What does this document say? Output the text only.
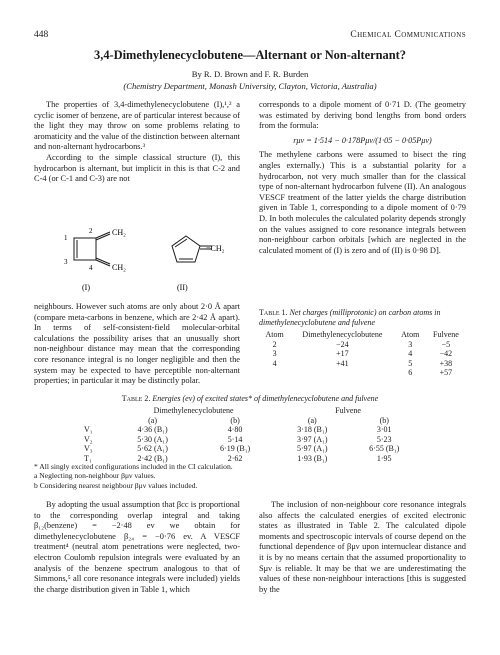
448	Chemical Communications
3,4-Dimethylenecyclobutene—Alternant or Non-alternant?
By R. D. Brown and F. R. Burden
(Chemistry Department, Monash University, Clayton, Victoria, Australia)

The properties of 3,4-dimethylenecyclobutene (I),¹,² a cyclic isomer of benzene, are of particular interest because of the light they may throw on some problems relating to aromaticity and the value of the distinction between alternant and non-alternant hydrocarbons.³

According to the simple classical structure (I), this hydrocarbon is alternant, but implicit in this is that C-2 and C-4 (or C-1 and C-3) are not

CH₂
CH₂
1
2
3
4
(I)
=CH₂
(II)

neighbours. However such atoms are only about 2·0 Å apart (compare meta-carbons in benzene, which are 2·42 Å apart). In terms of self-consistent-field molecular-orbital calculations the possibility arises that an unusually short non-neighbour distance may mean that the corresponding core resonance integral is no longer negligible and then the system may be expected to have perceptible non-alternant properties; in particular it may be distinctly polar.

corresponds to a dipole moment of 0·71 D. (The geometry was estimated by deriving bond lengths from bond orders from the formula:

rμν = 1·514 − 0·178Pμν/(1·05 − 0·05Pμν)

The methylene carbons were assumed to bisect the ring angles externally.) This is a substantial polarity for a hydrocarbon, not very much smaller than for the classical type of non-alternant hydrocarbon fulvene (II). An analogous VESCF treatment of the latter yields the charge distribution given in Table 1, corresponding to a dipole moment of 0·79 D. In both molecules the calculated polarity depends strongly on the values assigned to core resonance integrals between non-neighbour carbon orbitals [which are neglected in the calculated moment of (I) is zero and of (II) is 0·98 D].

Table 1. Net charges (milliprotonic) on carbon atoms in dimethylenecyclobutene and fulvene
Atom	Dimethylenecyclobutene	Atom	Fulvene
2	−24	3	−5
3	+17	4	−42
4	+41	5	+38
		6	+57
Table 2. Energies (ev) of excited states* of dimethylenecyclobutene and fulvene
	Dimethylenecyclobutene		Fulvene	
	(a)	(b)	(a)	(b)
V₁	4·36 (B₁)	4·80	3·18 (B₁)	3·01
V₂	5·30 (A₁)	5·14	3·97 (A₁)	5·23
V₃	5·62 (A₁)	6·19 (B₁)	5·97 (A₁)	6·55 (B₁)
T₁	2·42 (B₁)	2·62	1·93 (B₁)	1·95
* All singly excited configurations included in the CI calculation.
a Neglecting non-neighbour βμν values.
b Considering nearest neighbour βμν values included.

By adopting the usual assumption that βcc is proportional to the corresponding overlap integral and taking β₁₂(benzene) = −2·48 ev we obtain for dimethylenecyclobutene β₂₄ = −0·76 ev. A VESCF treatment⁴ (neutral atom penetrations were neglected, two-electron Coulomb repulsion integrals were evaluated by an analysis of the benzene spectrum analogous to that of Simmons,⁵ all core resonance integrals were included) yields the charge distribution given in Table 1, which

The inclusion of non-neighbour core resonance integrals also affects the calculated energies of excited electronic states as illustrated in Table 2. The calculated dipole moments and spectroscopic intervals of course depend on the functional dependence of βμν upon internuclear distance and it is by no means certain that the assumed proportionality to Sμν is reliable. It may be that we are underestimating the values of these non-neighbour interactions [this is suggested by the
